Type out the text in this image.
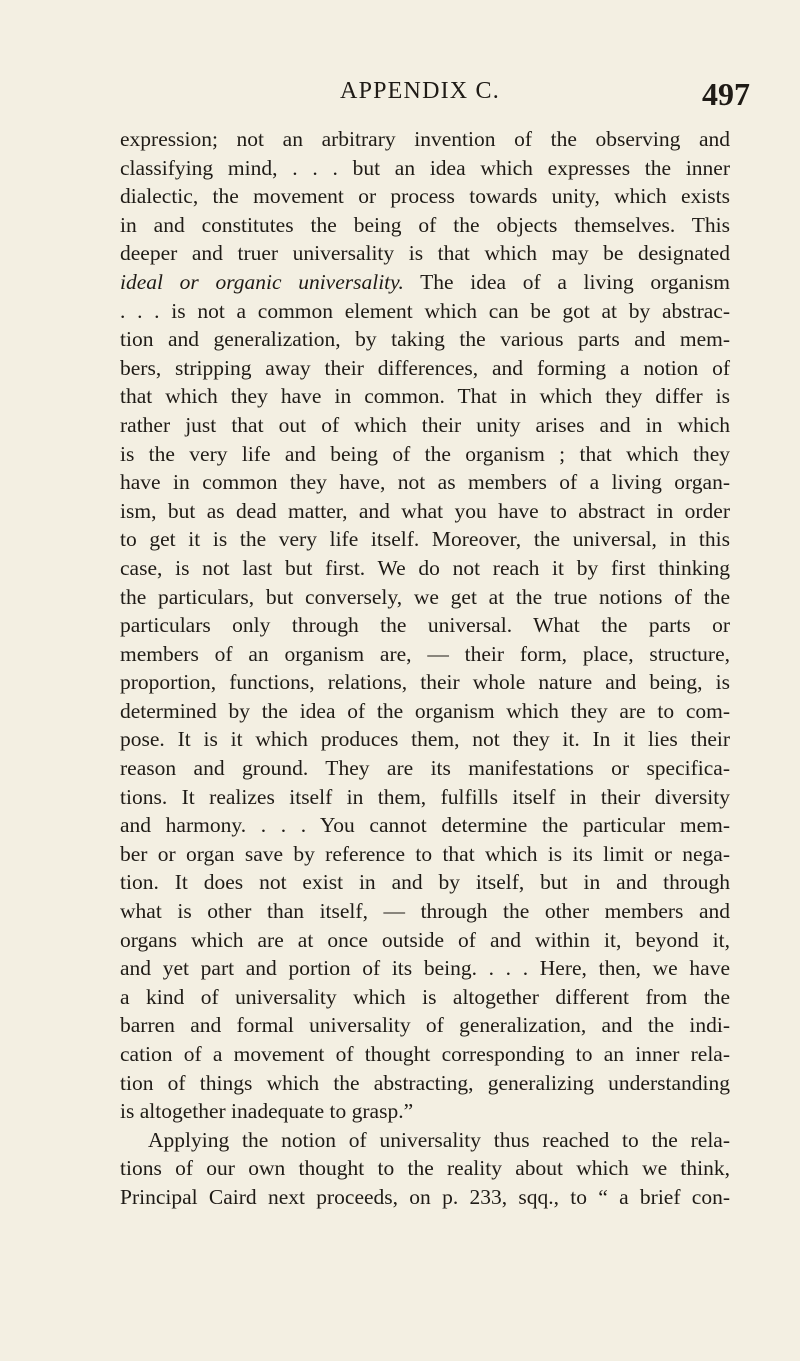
APPENDIX C.	497
expression; not an arbitrary invention of the observing and
classifying mind, . . . but an idea which expresses the inner
dialectic, the movement or process towards unity, which exists
in and constitutes the being of the objects themselves. This
deeper and truer universality is that which may be designated
ideal or organic universality. The idea of a living organism
. . . is not a common element which can be got at by abstrac-
tion and generalization, by taking the various parts and mem-
bers, stripping away their differences, and forming a notion of
that which they have in common. That in which they differ is
rather just that out of which their unity arises and in which
is the very life and being of the organism ; that which they
have in common they have, not as members of a living organ-
ism, but as dead matter, and what you have to abstract in order
to get it is the very life itself. Moreover, the universal, in this
case, is not last but first. We do not reach it by first thinking
the particulars, but conversely, we get at the true notions of the
particulars only through the universal. What the parts or
members of an organism are, — their form, place, structure,
proportion, functions, relations, their whole nature and being, is
determined by the idea of the organism which they are to com-
pose. It is it which produces them, not they it. In it lies their
reason and ground. They are its manifestations or specifica-
tions. It realizes itself in them, fulfills itself in their diversity
and harmony. . . . You cannot determine the particular mem-
ber or organ save by reference to that which is its limit or nega-
tion. It does not exist in and by itself, but in and through
what is other than itself, — through the other members and
organs which are at once outside of and within it, beyond it,
and yet part and portion of its being. . . . Here, then, we have
a kind of universality which is altogether different from the
barren and formal universality of generalization, and the indi-
cation of a movement of thought corresponding to an inner rela-
tion of things which the abstracting, generalizing understanding
is altogether inadequate to grasp.”
Applying the notion of universality thus reached to the rela-
tions of our own thought to the reality about which we think,
Principal Caird next proceeds, on p. 233, sqq., to “ a brief con-
